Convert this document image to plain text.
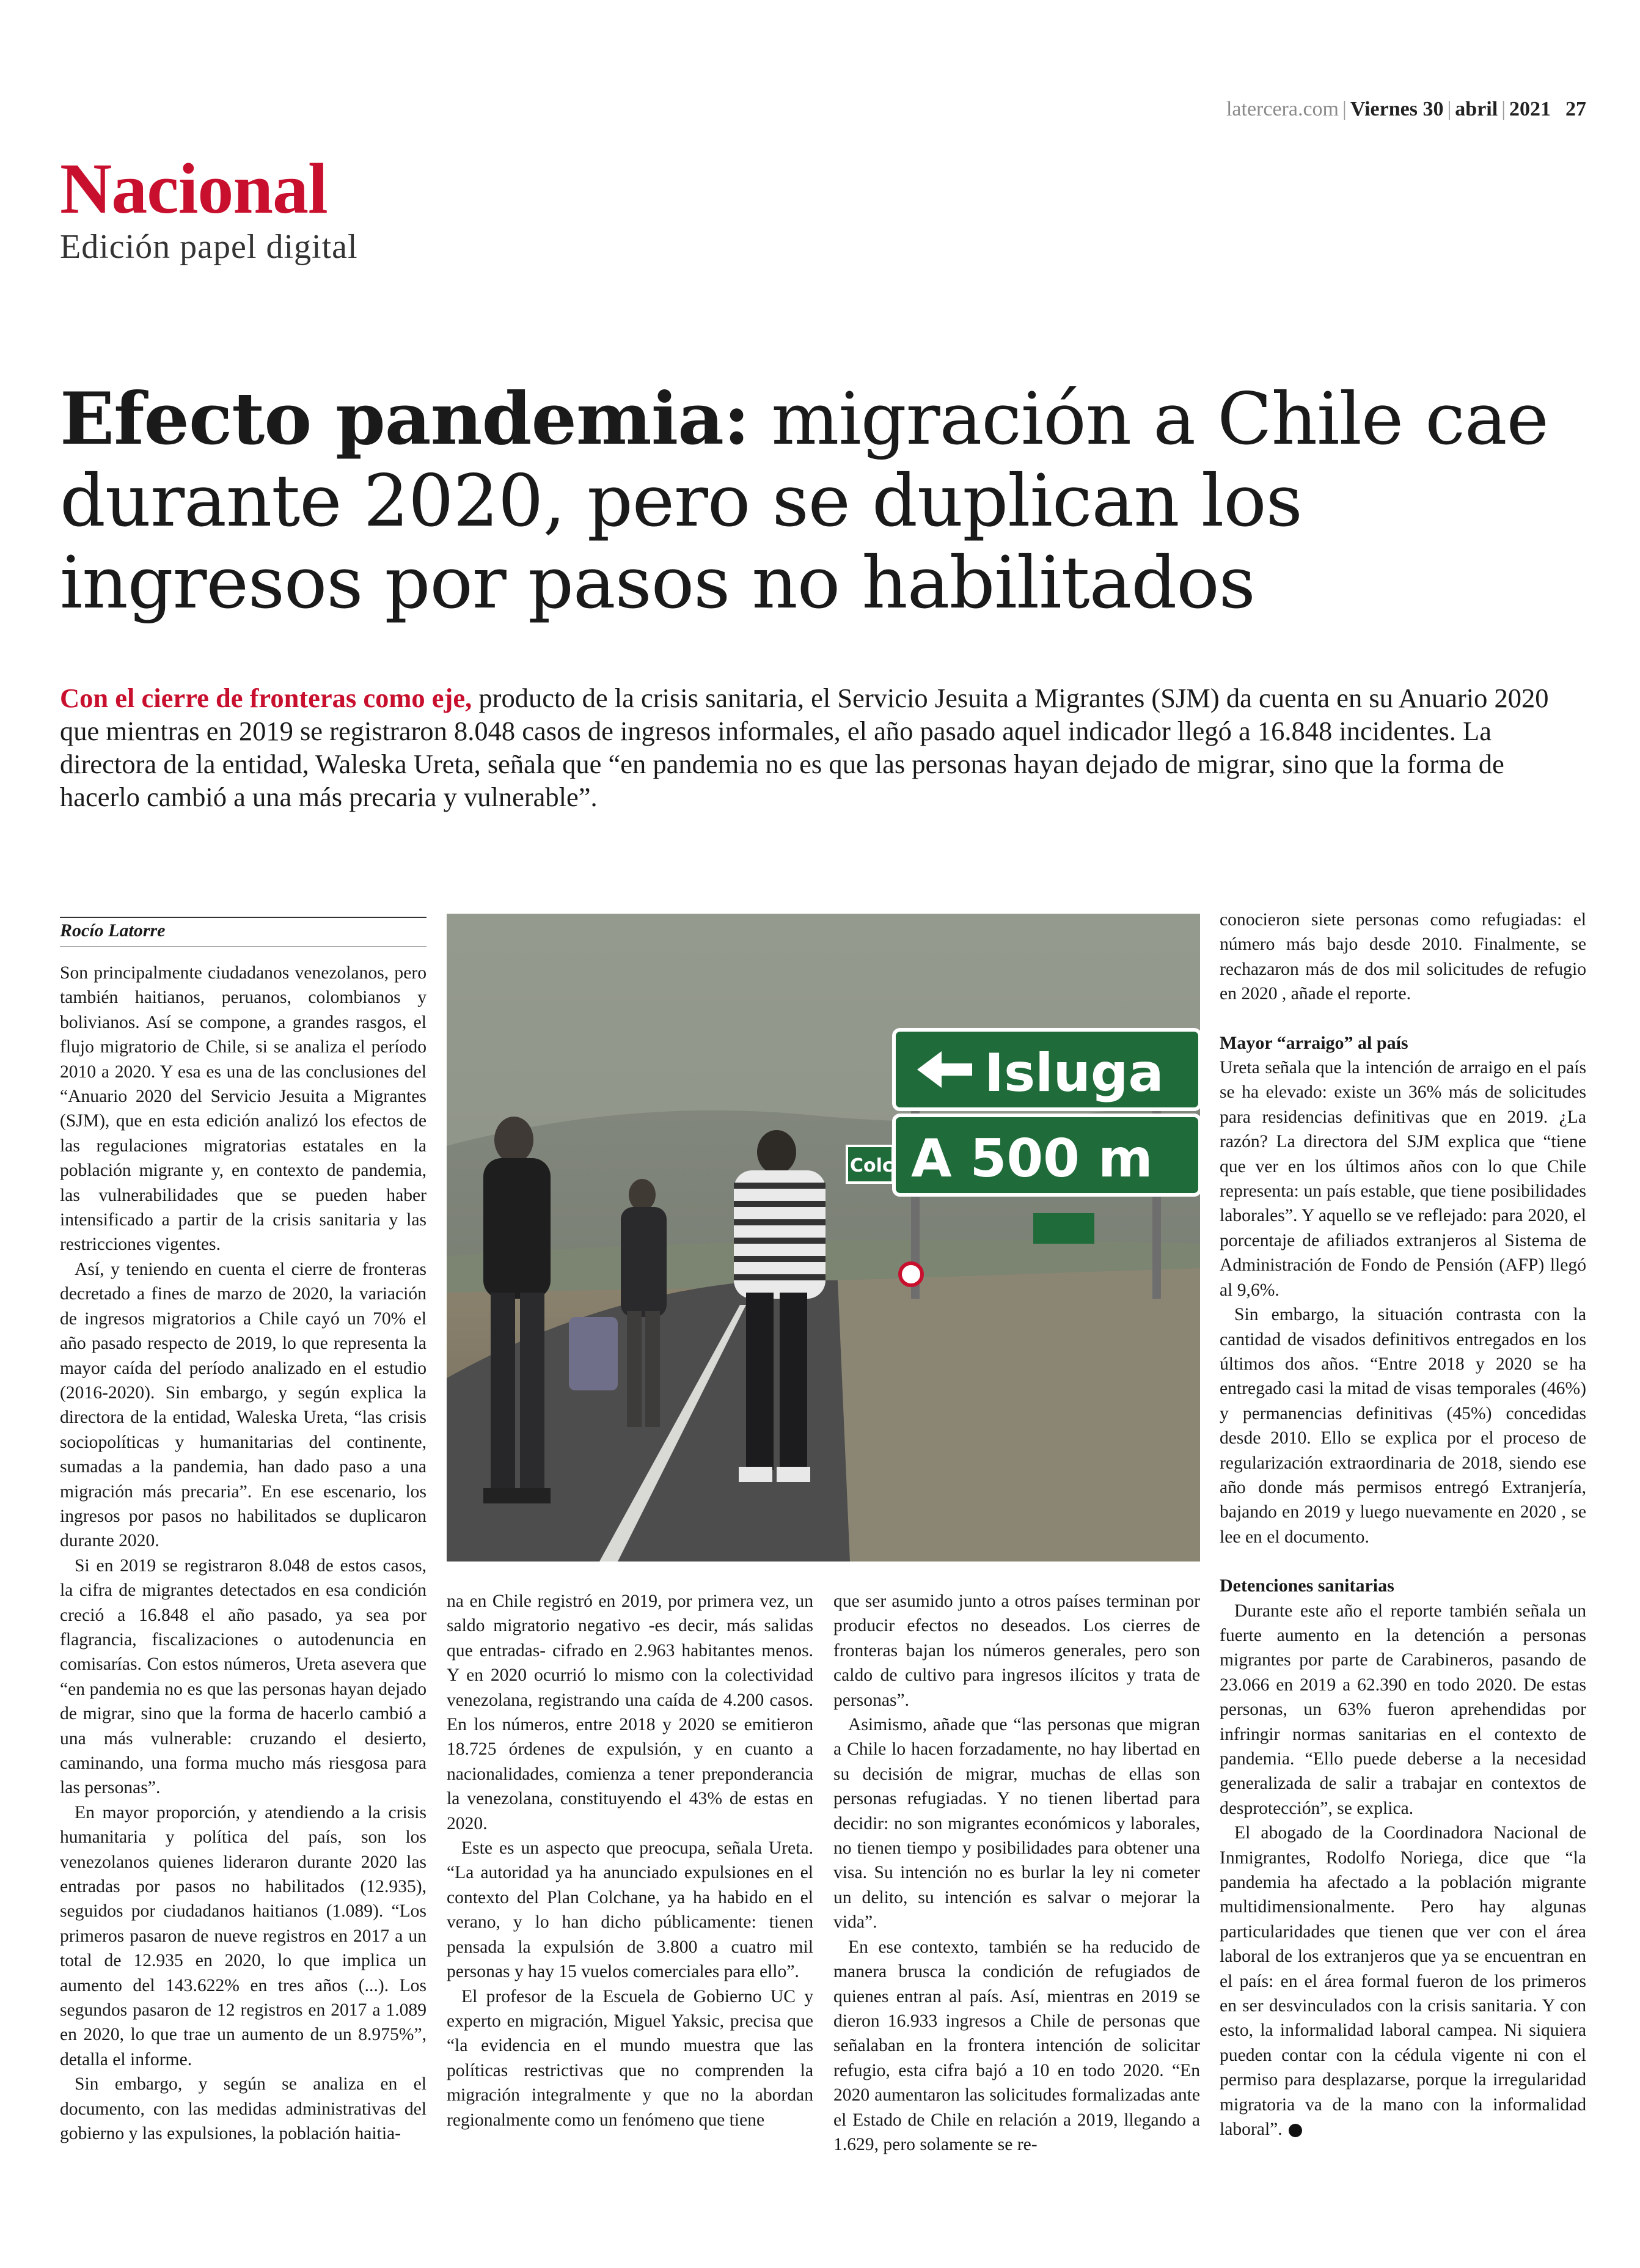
latercera.com | Viernes 30 | abril | 2021 27
Nacional
Edición papel digital
Efecto pandemia: migración a Chile cae durante 2020, pero se duplican los ingresos por pasos no habilitados
Con el cierre de fronteras como eje, producto de la crisis sanitaria, el Servicio Jesuita a Migrantes (SJM) da cuenta en su Anuario 2020 que mientras en 2019 se registraron 8.048 casos de ingresos informales, el año pasado aquel indicador llegó a 16.848 incidentes. La directora de la entidad, Waleska Ureta, señala que “en pandemia no es que las personas hayan dejado de migrar, sino que la forma de hacerlo cambió a una más precaria y vulnerable”.
Rocío Latorre

Son principalmente ciudadanos venezolanos, pero también haitianos, peruanos, colombianos y bolivianos. Así se compone, a grandes rasgos, el flujo migratorio de Chile, si se analiza el período 2010 a 2020. Y esa es una de las conclusiones del “Anuario 2020 del Servicio Jesuita a Migrantes (SJM), que en esta edición analizó los efectos de las regulaciones migratorias estatales en la población migrante y, en contexto de pandemia, las vulnerabilidades que se pueden haber intensificado a partir de la crisis sanitaria y las restricciones vigentes.

Así, y teniendo en cuenta el cierre de fronteras decretado a fines de marzo de 2020, la variación de ingresos migratorios a Chile cayó un 70% el año pasado respecto de 2019, lo que representa la mayor caída del período analizado en el estudio (2016-2020). Sin embargo, y según explica la directora de la entidad, Waleska Ureta, “las crisis sociopolíticas y humanitarias del continente, sumadas a la pandemia, han dado paso a una migración más precaria”. En ese escenario, los ingresos por pasos no habilitados se duplicaron durante 2020.

Si en 2019 se registraron 8.048 de estos casos, la cifra de migrantes detectados en esa condición creció a 16.848 el año pasado, ya sea por flagrancia, fiscalizaciones o autodenuncia en comisarías. Con estos números, Ureta asevera que “en pandemia no es que las personas hayan dejado de migrar, sino que la forma de hacerlo cambió a una más vulnerable: cruzando el desierto, caminando, una forma mucho más riesgosa para las personas”.

En mayor proporción, y atendiendo a la crisis humanitaria y política del país, son los venezolanos quienes lideraron durante 2020 las entradas por pasos no habilitados (12.935), seguidos por ciudadanos haitianos (1.089). “Los primeros pasaron de nueve registros en 2017 a un total de 12.935 en 2020, lo que implica un aumento del 143.622% en tres años (...). Los segundos pasaron de 12 registros en 2017 a 1.089 en 2020, lo que trae un aumento de un 8.975%”, detalla el informe.

Sin embargo, y según se analiza en el documento, con las medidas administrativas del gobierno y las expulsiones, la población haitia-

Isluga
A 500 m
Colc

na en Chile registró en 2019, por primera vez, un saldo migratorio negativo -es decir, más salidas que entradas- cifrado en 2.963 habitantes menos. Y en 2020 ocurrió lo mismo con la colectividad venezolana, registrando una caída de 4.200 casos. En los números, entre 2018 y 2020 se emitieron 18.725 órdenes de expulsión, y en cuanto a nacionalidades, comienza a tener preponderancia la venezolana, constituyendo el 43% de estas en 2020.

Este es un aspecto que preocupa, señala Ureta. “La autoridad ya ha anunciado expulsiones en el contexto del Plan Colchane, ya ha habido en el verano, y lo han dicho públicamente: tienen pensada la expulsión de 3.800 a cuatro mil personas y hay 15 vuelos comerciales para ello”.

El profesor de la Escuela de Gobierno UC y experto en migración, Miguel Yaksic, precisa que “la evidencia en el mundo muestra que las políticas restrictivas que no comprenden la migración integralmente y que no la abordan regionalmente como un fenómeno que tiene

que ser asumido junto a otros países terminan por producir efectos no deseados. Los cierres de fronteras bajan los números generales, pero son caldo de cultivo para ingresos ilícitos y trata de personas”.

Asimismo, añade que “las personas que migran a Chile lo hacen forzadamente, no hay libertad en su decisión de migrar, muchas de ellas son personas refugiadas. Y no tienen libertad para decidir: no son migrantes económicos y laborales, no tienen tiempo y posibilidades para obtener una visa. Su intención no es burlar la ley ni cometer un delito, su intención es salvar o mejorar la vida”.

En ese contexto, también se ha reducido de manera brusca la condición de refugiados de quienes entran al país. Así, mientras en 2019 se dieron 16.933 ingresos a Chile de personas que señalaban en la frontera intención de solicitar refugio, esta cifra bajó a 10 en todo 2020. “En 2020 aumentaron las solicitudes formalizadas ante el Estado de Chile en relación a 2019, llegando a 1.629, pero solamente se re-

conocieron siete personas como refugiadas: el número más bajo desde 2010. Finalmente, se rechazaron más de dos mil solicitudes de refugio en 2020 , añade el reporte.

Mayor “arraigo” al país

Ureta señala que la intención de arraigo en el país se ha elevado: existe un 36% más de solicitudes para residencias definitivas que en 2019. ¿La razón? La directora del SJM explica que “tiene que ver en los últimos años con lo que Chile representa: un país estable, que tiene posibilidades laborales”. Y aquello se ve reflejado: para 2020, el porcentaje de afiliados extranjeros al Sistema de Administración de Fondo de Pensión (AFP) llegó al 9,6%.

Sin embargo, la situación contrasta con la cantidad de visados definitivos entregados en los últimos dos años. “Entre 2018 y 2020 se ha entregado casi la mitad de visas temporales (46%) y permanencias definitivas (45%) concedidas desde 2010. Ello se explica por el proceso de regularización extraordinaria de 2018, siendo ese año donde más permisos entregó Extranjería, bajando en 2019 y luego nuevamente en 2020 , se lee en el documento.

Detenciones sanitarias

Durante este año el reporte también señala un fuerte aumento en la detención a personas migrantes por parte de Carabineros, pasando de 23.066 en 2019 a 62.390 en todo 2020. De estas personas, un 63% fueron aprehendidas por infringir normas sanitarias en el contexto de pandemia. “Ello puede deberse a la necesidad generalizada de salir a trabajar en contextos de desprotección”, se explica.

El abogado de la Coordinadora Nacional de Inmigrantes, Rodolfo Noriega, dice que “la pandemia ha afectado a la población migrante multidimensionalmente. Pero hay algunas particularidades que tienen que ver con el área laboral de los extranjeros que ya se encuentran en el país: en el área formal fueron de los primeros en ser desvinculados con la crisis sanitaria. Y con esto, la informalidad laboral campea. Ni siquiera pueden contar con la cédula vigente ni con el permiso para desplazarse, porque la irregularidad migratoria va de la mano con la informalidad laboral”.
